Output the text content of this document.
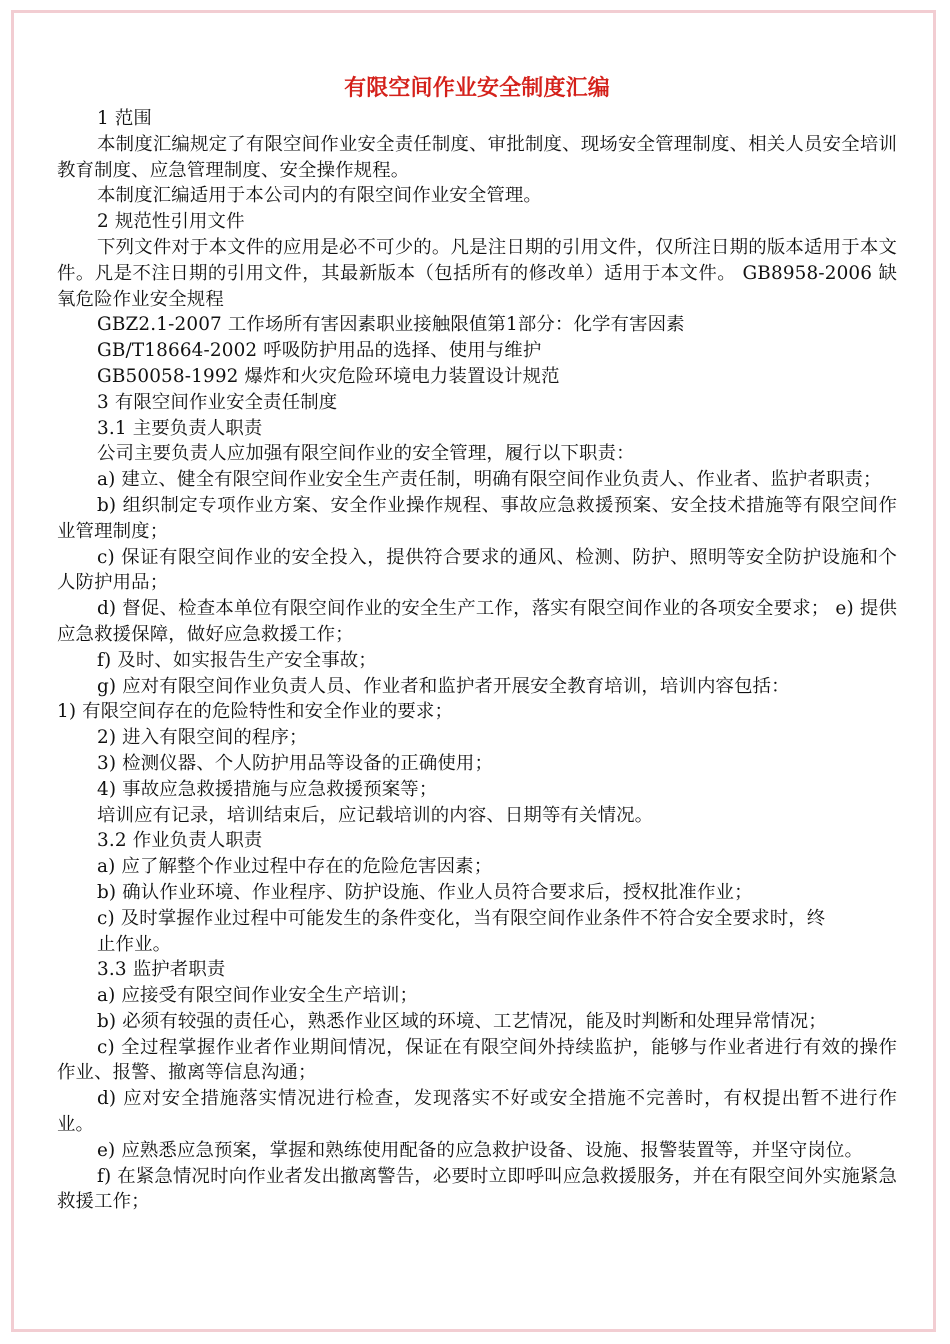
有限空间作业安全制度汇编

1 范围

本制度汇编规定了有限空间作业安全责任制度、审批制度、现场安全管理制度、相关人员安全培训教育制度、应急管理制度、安全操作规程。

本制度汇编适用于本公司内的有限空间作业安全管理。

2 规范性引用文件

下列文件对于本文件的应用是必不可少的。凡是注日期的引用文件，仅所注日期的版本适用于本文件。凡是不注日期的引用文件，其最新版本（包括所有的修改单）适用于本文件。 GB8958-2006 缺氧危险作业安全规程

GBZ2.1-2007 工作场所有害因素职业接触限值第1部分：化学有害因素

GB/T18664-2002 呼吸防护用品的选择、使用与维护

GB50058-1992 爆炸和火灾危险环境电力装置设计规范

3 有限空间作业安全责任制度

3.1 主要负责人职责

公司主要负责人应加强有限空间作业的安全管理，履行以下职责：

a) 建立、健全有限空间作业安全生产责任制，明确有限空间作业负责人、作业者、监护者职责；

b) 组织制定专项作业方案、安全作业操作规程、事故应急救援预案、安全技术措施等有限空间作业管理制度；

c) 保证有限空间作业的安全投入，提供符合要求的通风、检测、防护、照明等安全防护设施和个人防护用品；

d) 督促、检查本单位有限空间作业的安全生产工作，落实有限空间作业的各项安全要求； e) 提供应急救援保障，做好应急救援工作；

f) 及时、如实报告生产安全事故；

g) 应对有限空间作业负责人员、作业者和监护者开展安全教育培训，培训内容包括：

1) 有限空间存在的危险特性和安全作业的要求；

2) 进入有限空间的程序；

3) 检测仪器、个人防护用品等设备的正确使用；

4) 事故应急救援措施与应急救援预案等；

培训应有记录，培训结束后，应记载培训的内容、日期等有关情况。

3.2 作业负责人职责

a) 应了解整个作业过程中存在的危险危害因素；

b) 确认作业环境、作业程序、防护设施、作业人员符合要求后，授权批准作业；

c) 及时掌握作业过程中可能发生的条件变化，当有限空间作业条件不符合安全要求时，终

止作业。

3.3 监护者职责

a) 应接受有限空间作业安全生产培训；

b) 必须有较强的责任心，熟悉作业区域的环境、工艺情况，能及时判断和处理异常情况；

c) 全过程掌握作业者作业期间情况，保证在有限空间外持续监护，能够与作业者进行有效的操作作业、报警、撤离等信息沟通；

d) 应对安全措施落实情况进行检查，发现落实不好或安全措施不完善时，有权提出暂不进行作业。

e) 应熟悉应急预案，掌握和熟练使用配备的应急救护设备、设施、报警装置等，并坚守岗位。

f) 在紧急情况时向作业者发出撤离警告，必要时立即呼叫应急救援服务，并在有限空间外实施紧急救援工作；
